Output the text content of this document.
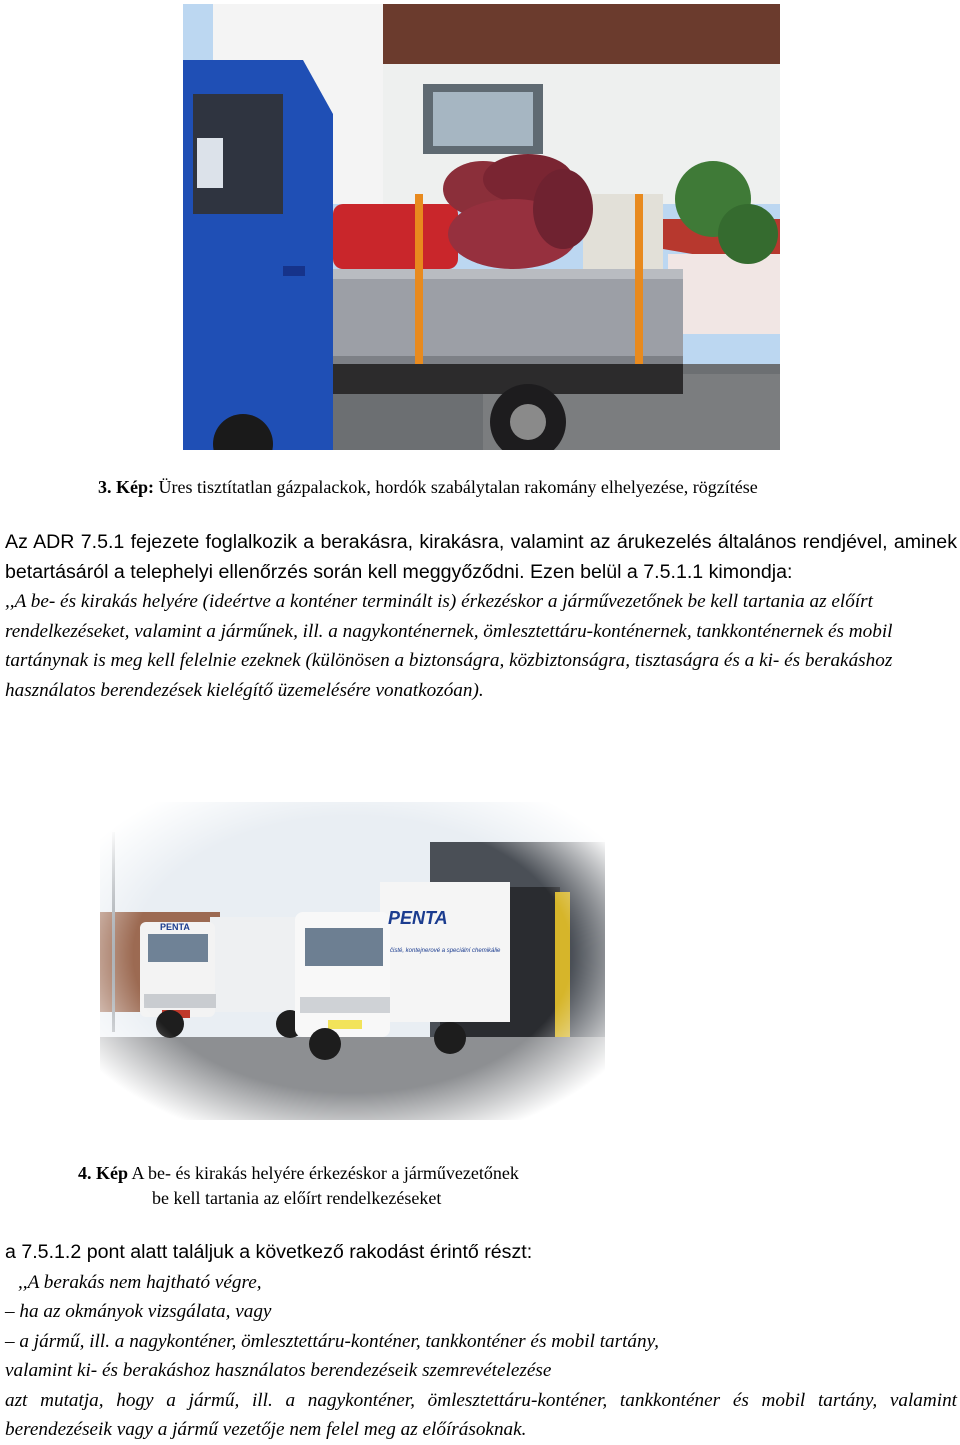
3. Kép: Üres tisztítatlan gázpalackok, hordók szabálytalan rakomány elhelyezése, rögzítése

Az ADR 7.5.1 fejezete foglalkozik a berakásra, kirakásra, valamint az árukezelés általános rendjével, aminek betartásáról a telephelyi ellenőrzés során kell meggyőződni. Ezen belül a 7.5.1.1 kimondja:

,,A be- és kirakás helyére (ideértve a konténer terminált is) érkezéskor a járművezetőnek be kell tartania az előírt rendelkezéseket, valamint a járműnek, ill. a nagykonténernek, ömlesztettáru-konténernek, tankkonténernek és mobil tartánynak is meg kell felelnie ezeknek (különösen a biztonságra, közbiztonságra, tisztaságra és a ki- és berakáshoz használatos berendezések kielégítő üzemelésére vonatkozóan).

4. Kép A be- és kirakás helyére érkezéskor a járművezetőnek
be kell tartania az előírt rendelkezéseket

a 7.5.1.2 pont alatt találjuk a következő rakodást érintő részt:

,,A berakás nem hajtható végre,

– ha az okmányok vizsgálata, vagy

– a jármű, ill. a nagykonténer, ömlesztettáru-konténer, tankkonténer és mobil tartány,

valamint ki- és berakáshoz használatos berendezéseik szemrevételezése

azt mutatja, hogy a jármű, ill. a nagykonténer, ömlesztettáru-konténer, tankkonténer és mobil tartány, valamint berendezéseik vagy a jármű vezetője nem felel meg az előírásoknak.
